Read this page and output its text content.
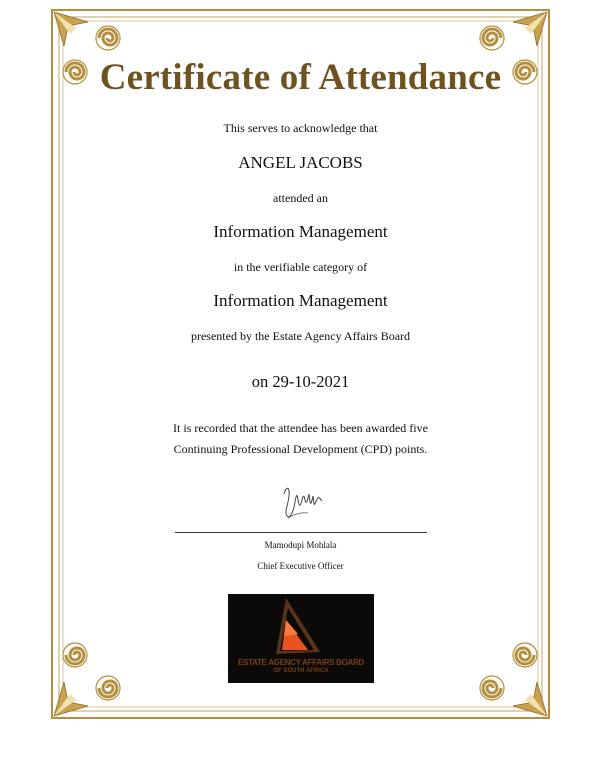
Certificate of Attendance
This serves to acknowledge that
ANGEL JACOBS
attended an
Information Management
in the verifiable category of
Information Management
presented by the Estate Agency Affairs Board
on 29-10-2021
It is recorded that the attendee has been awarded five
Continuing Professional Development (CPD) points.
Mamodupi Mohlala
Chief Executive Officer
ESTATE AGENCY AFFAIRS BOARD
OF SOUTH AFRICA
